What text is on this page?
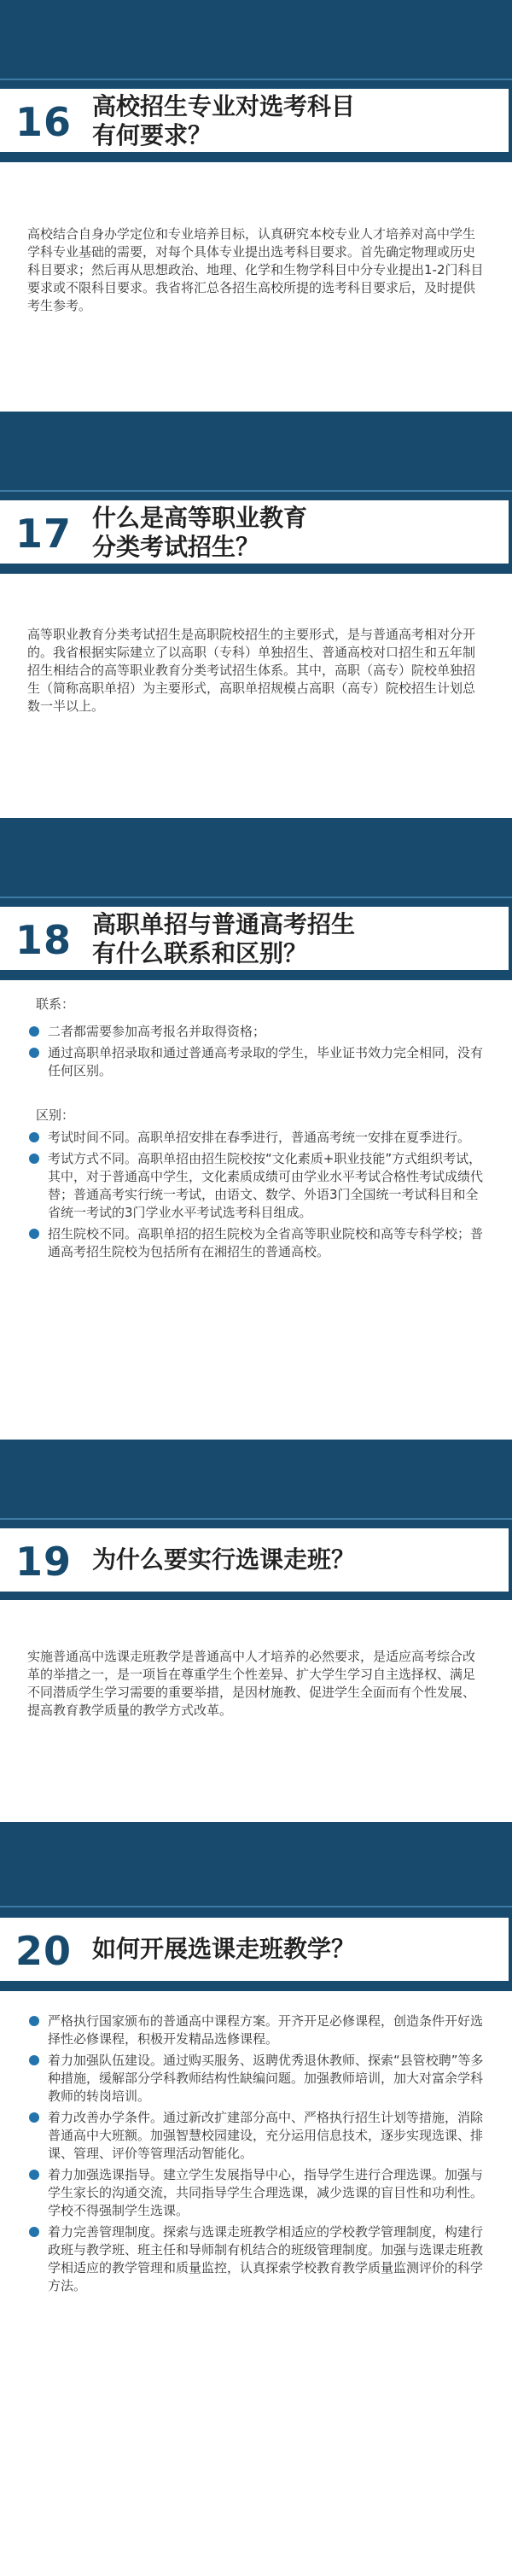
16 高校招生专业对选考科目
有何要求？

高校结合自身办学定位和专业培养目标，认真研究本校专业人才培养对高中学生学科专业基础的需要，对每个具体专业提出选考科目要求。首先确定物理或历史科目要求；然后再从思想政治、地理、化学和生物学科目中分专业提出1-2门科目要求或不限科目要求。我省将汇总各招生高校所提的选考科目要求后，及时提供考生参考。

17 什么是高等职业教育
分类考试招生？

高等职业教育分类考试招生是高职院校招生的主要形式，是与普通高考相对分开的。我省根据实际建立了以高职（专科）单独招生、普通高校对口招生和五年制招生相结合的高等职业教育分类考试招生体系。其中，高职（高专）院校单独招生（简称高职单招）为主要形式，高职单招规模占高职（高专）院校招生计划总数一半以上。

18 高职单招与普通高考招生
有什么联系和区别？
联系：
二者都需要参加高考报名并取得资格；
通过高职单招录取和通过普通高考录取的学生，毕业证书效力完全相同，没有任何区别。
区别：
考试时间不同。高职单招安排在春季进行，普通高考统一安排在夏季进行。
考试方式不同。高职单招由招生院校按“文化素质+职业技能”方式组织考试，其中，对于普通高中学生，文化素质成绩可由学业水平考试合格性考试成绩代替；普通高考实行统一考试，由语文、数学、外语3门全国统一考试科目和全省统一考试的3门学业水平考试选考科目组成。
招生院校不同。高职单招的招生院校为全省高等职业院校和高等专科学校；普通高考招生院校为包括所有在湘招生的普通高校。
19 为什么要实行选课走班？

实施普通高中选课走班教学是普通高中人才培养的必然要求，是适应高考综合改革的举措之一，是一项旨在尊重学生个性差异、扩大学生学习自主选择权、满足不同潜质学生学习需要的重要举措，是因材施教、促进学生全面而有个性发展、提高教育教学质量的教学方式改革。

20 如何开展选课走班教学？
严格执行国家颁布的普通高中课程方案。开齐开足必修课程，创造条件开好选择性必修课程，积极开发精品选修课程。
着力加强队伍建设。通过购买服务、返聘优秀退休教师、探索“县管校聘”等多种措施，缓解部分学科教师结构性缺编问题。加强教师培训，加大对富余学科教师的转岗培训。
着力改善办学条件。通过新改扩建部分高中、严格执行招生计划等措施，消除普通高中大班额。加强智慧校园建设，充分运用信息技术，逐步实现选课、排课、管理、评价等管理活动智能化。
着力加强选课指导。建立学生发展指导中心，指导学生进行合理选课。加强与学生家长的沟通交流，共同指导学生合理选课，减少选课的盲目性和功利性。学校不得强制学生选课。
着力完善管理制度。探索与选课走班教学相适应的学校教学管理制度，构建行政班与教学班、班主任和导师制有机结合的班级管理制度。加强与选课走班教学相适应的教学管理和质量监控，认真探索学校教育教学质量监测评价的科学方法。
